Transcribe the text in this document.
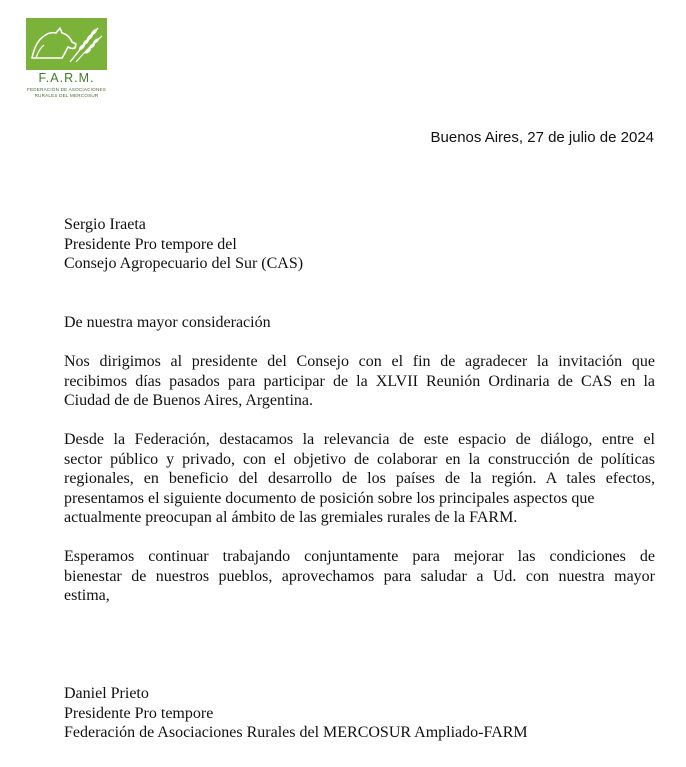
F.A.R.M.
FEDERACIÓN DE ASOCIACIONES
RURALES DEL MERCOSUR
Buenos Aires, 27 de julio de 2024
Sergio Iraeta
Presidente Pro tempore del
Consejo Agropecuario del Sur (CAS)
De nuestra mayor consideración
Nos dirigimos al presidente del Consejo con el fin de agradecer la invitación que
recibimos días pasados para participar de la XLVII Reunión Ordinaria de CAS en la
Ciudad de de Buenos Aires, Argentina.
Desde la Federación, destacamos la relevancia de este espacio de diálogo, entre el
sector público y privado, con el objetivo de colaborar en la construcción de políticas
regionales, en beneficio del desarrollo de los países de la región. A tales efectos,
presentamos el siguiente documento de posición sobre los principales aspectos que
actualmente preocupan al ámbito de las gremiales rurales de la FARM.
Esperamos continuar trabajando conjuntamente para mejorar las condiciones de
bienestar de nuestros pueblos, aprovechamos para saludar a Ud. con nuestra mayor
estima,
Daniel Prieto
Presidente Pro tempore
Federación de Asociaciones Rurales del MERCOSUR Ampliado-FARM
